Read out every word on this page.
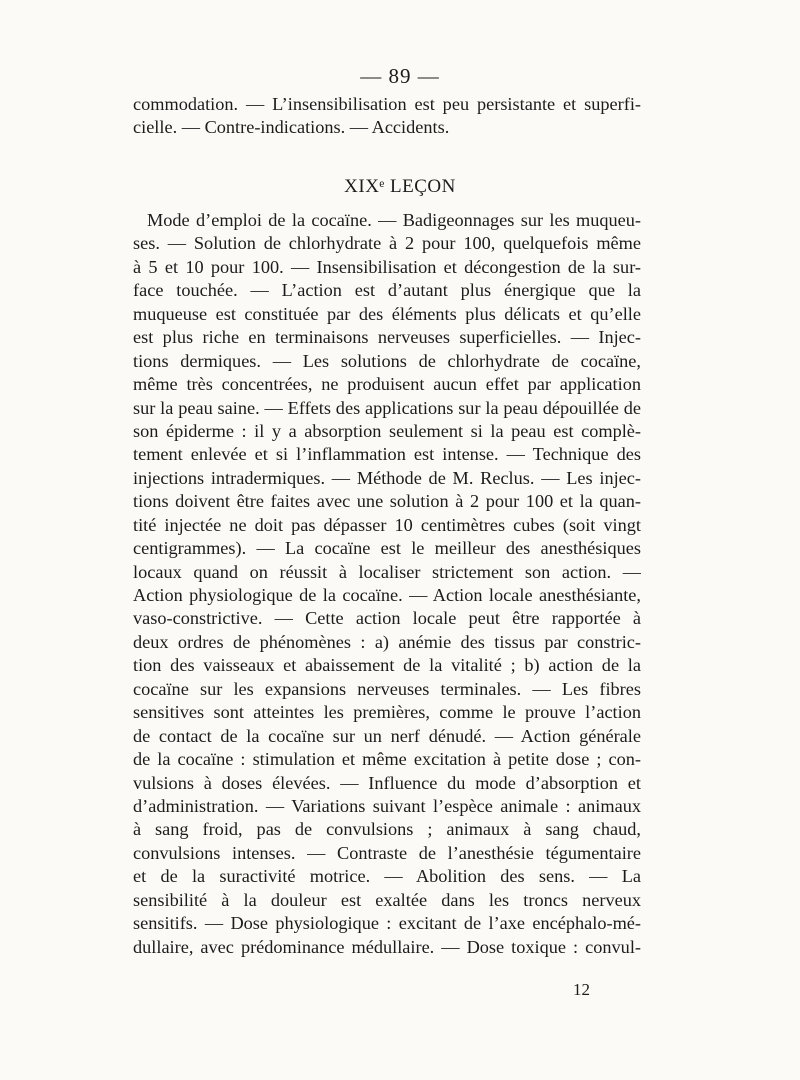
— 89 —
commodation. — L’insensibilisation est peu persistante et superfi-
cielle. — Contre-indications. — Accidents.
XIXᵉ LEÇON
Mode d’emploi de la cocaïne. — Badigeonnages sur les muqueu-
ses. — Solution de chlorhydrate à 2 pour 100, quelquefois même
à 5 et 10 pour 100. — Insensibilisation et décongestion de la sur-
face touchée. — L’action est d’autant plus énergique que la
muqueuse est constituée par des éléments plus délicats et qu’elle
est plus riche en terminaisons nerveuses superficielles. — Injec-
tions dermiques. — Les solutions de chlorhydrate de cocaïne,
même très concentrées, ne produisent aucun effet par application
sur la peau saine. — Effets des applications sur la peau dépouillée de
son épiderme : il y a absorption seulement si la peau est complè-
tement enlevée et si l’inflammation est intense. — Technique des
injections intradermiques. — Méthode de M. Reclus. — Les injec-
tions doivent être faites avec une solution à 2 pour 100 et la quan-
tité injectée ne doit pas dépasser 10 centimètres cubes (soit vingt
centigrammes). — La cocaïne est le meilleur des anesthésiques
locaux quand on réussit à localiser strictement son action. —
Action physiologique de la cocaïne. — Action locale anesthésiante,
vaso-constrictive. — Cette action locale peut être rapportée à
deux ordres de phénomènes : a) anémie des tissus par constric-
tion des vaisseaux et abaissement de la vitalité ; b) action de la
cocaïne sur les expansions nerveuses terminales. — Les fibres
sensitives sont atteintes les premières, comme le prouve l’action
de contact de la cocaïne sur un nerf dénudé. — Action générale
de la cocaïne : stimulation et même excitation à petite dose ; con-
vulsions à doses élevées. — Influence du mode d’absorption et
d’administration. — Variations suivant l’espèce animale : animaux
à sang froid, pas de convulsions ; animaux à sang chaud,
convulsions intenses. — Contraste de l’anesthésie tégumentaire
et de la suractivité motrice. — Abolition des sens. — La
sensibilité à la douleur est exaltée dans les troncs nerveux
sensitifs. — Dose physiologique : excitant de l’axe encéphalo-mé-
dullaire, avec prédominance médullaire. — Dose toxique : convul-
12
